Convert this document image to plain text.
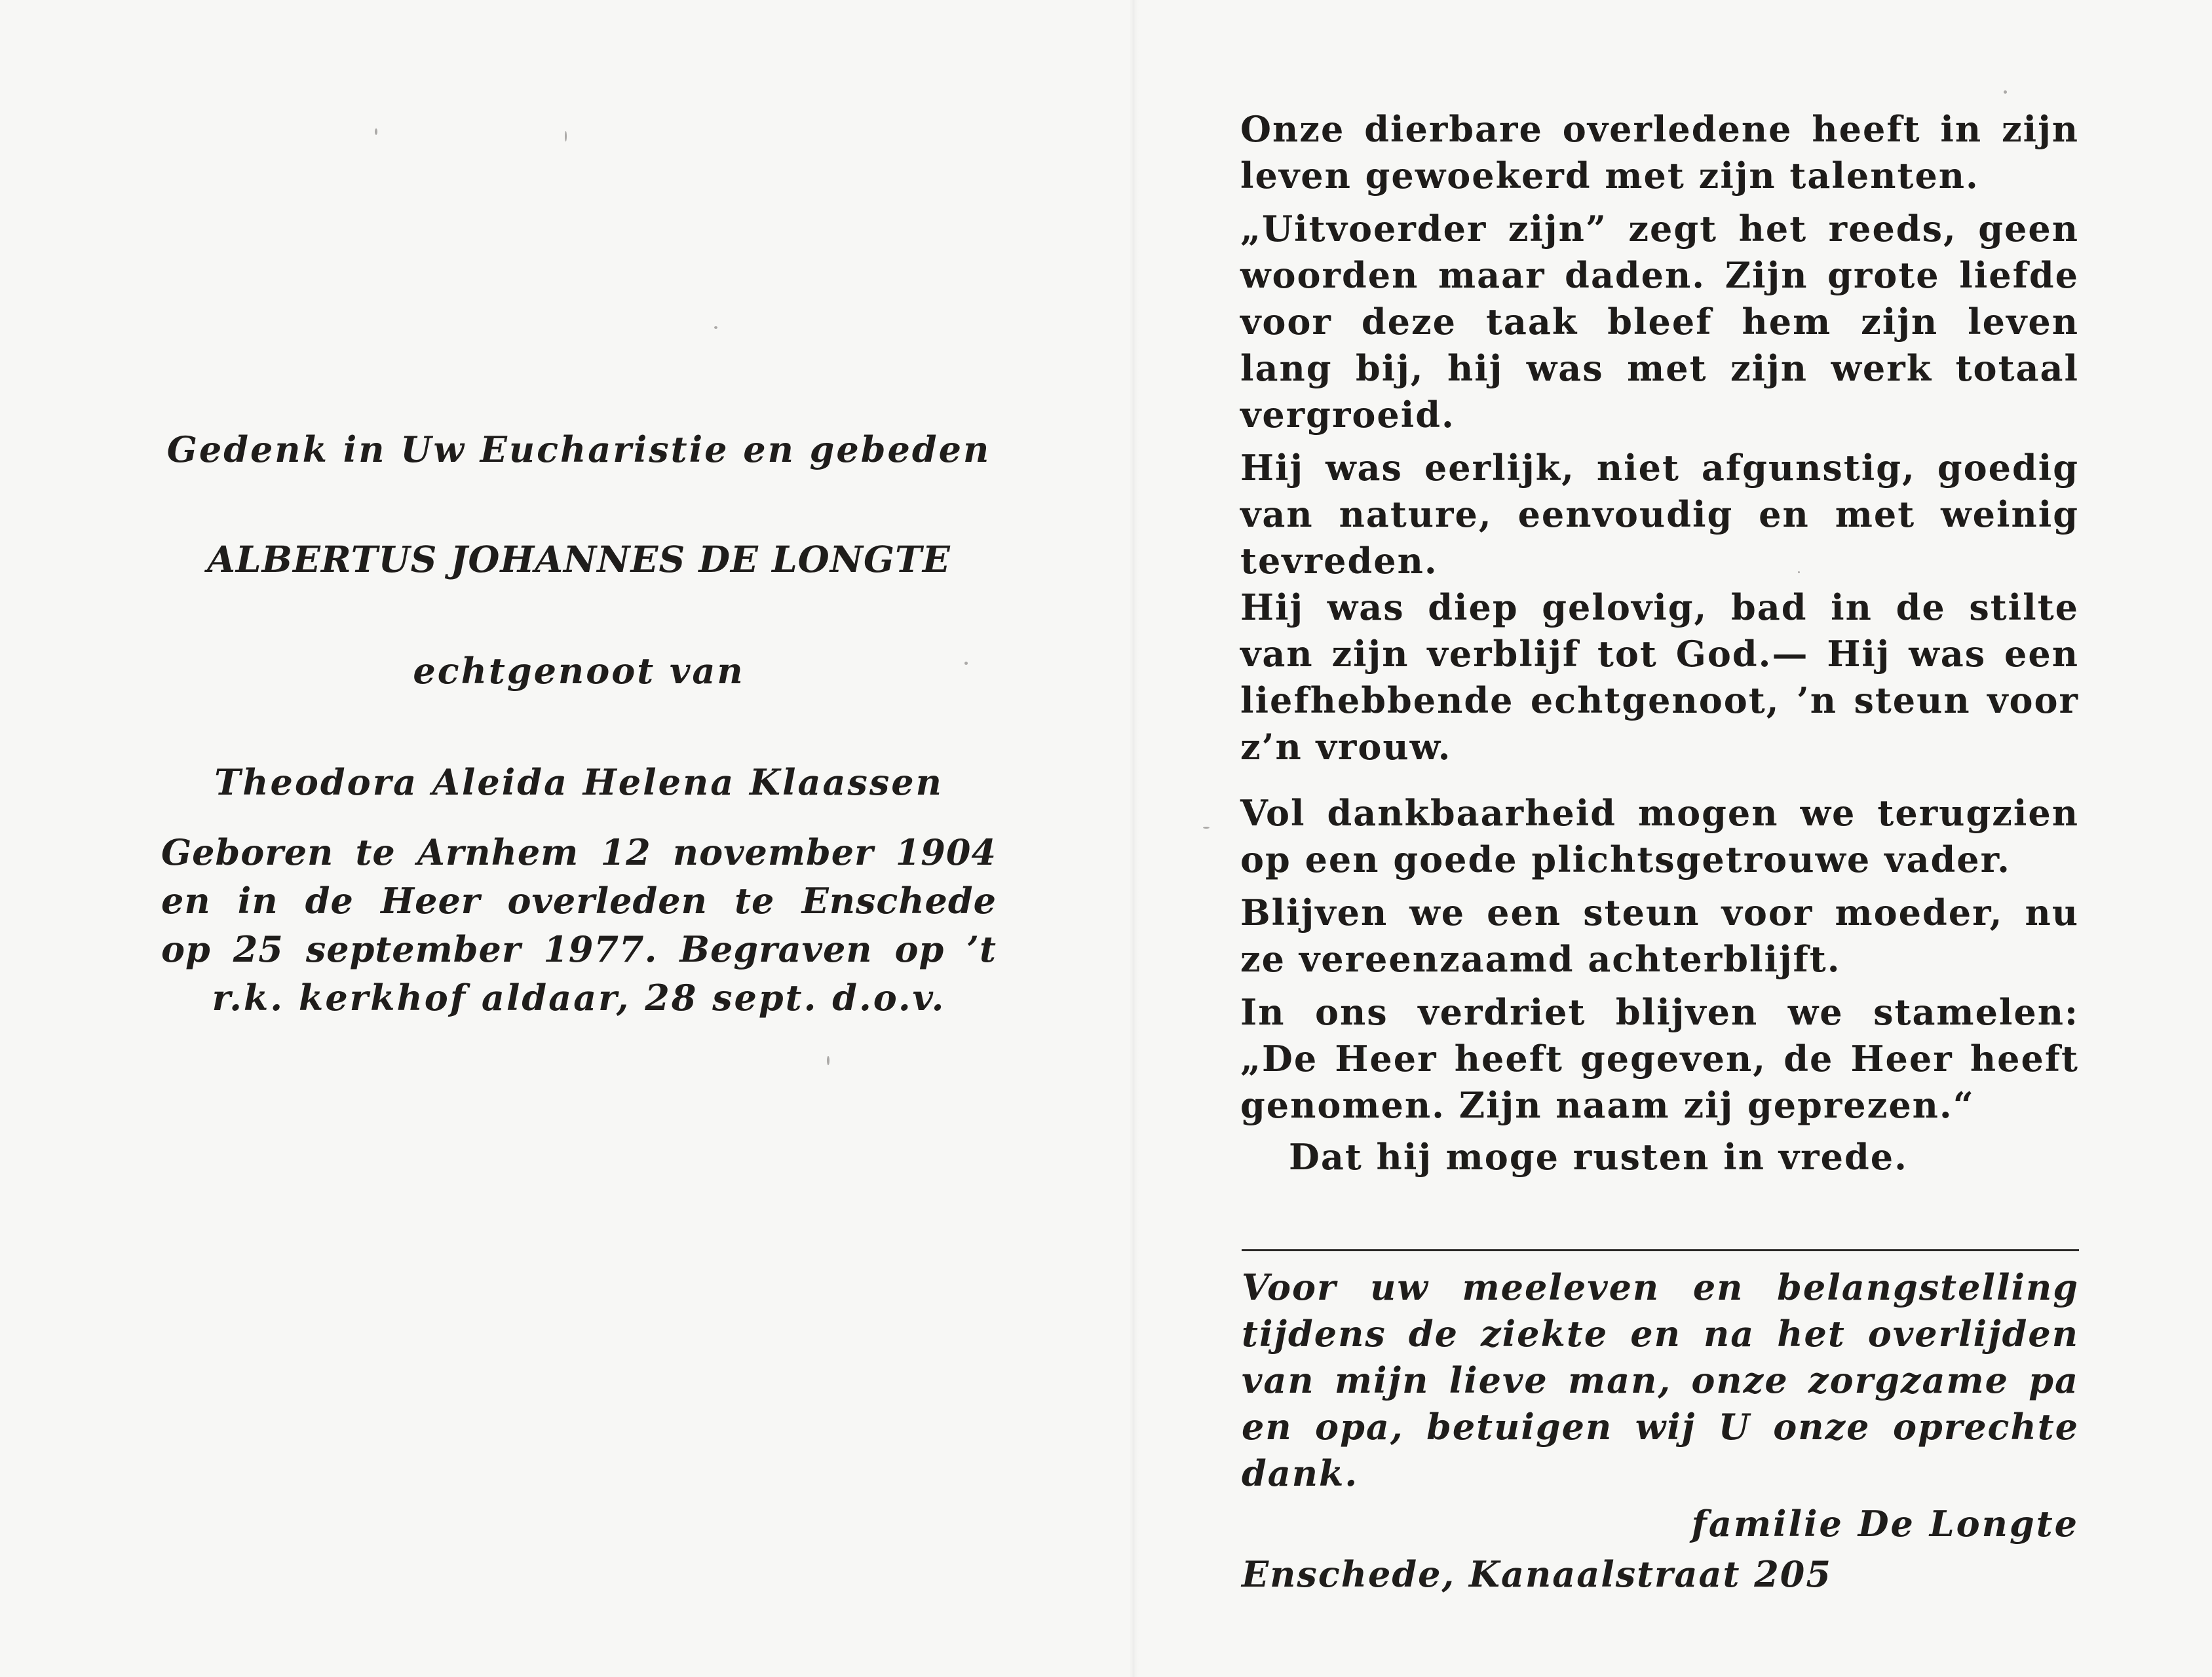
Gedenk in Uw Eucharistie en gebeden
ALBERTUS JOHANNES DE LONGTE
echtgenoot van
Theodora Aleida Helena Klaassen
Geboren te Arnhem 12 november 1904
en in de Heer overleden te Enschede
op 25 september 1977. Begraven op ’t
r.k. kerkhof aldaar, 28 sept. d.o.v.
Onze dierbare overledene heeft in zijn
leven gewoekerd met zijn talenten.
„Uitvoerder zijn” zegt het reeds, geen
woorden maar daden. Zijn grote liefde
voor deze taak bleef hem zijn leven
lang bij, hij was met zijn werk totaal
vergroeid.
Hij was eerlijk, niet afgunstig, goedig
van nature, eenvoudig en met weinig
tevreden.
Hij was diep gelovig, bad in de stilte
van zijn verblijf tot God.— Hij was een
liefhebbende echtgenoot, ’n steun voor
z’n vrouw.
Vol dankbaarheid mogen we terugzien
op een goede plichtsgetrouwe vader.
Blijven we een steun voor moeder, nu
ze vereenzaamd achterblijft.
In ons verdriet blijven we stamelen:
„De Heer heeft gegeven, de Heer heeft
genomen. Zijn naam zij geprezen.“
Dat hij moge rusten in vrede.
Voor uw meeleven en belangstelling
tijdens de ziekte en na het overlijden
van mijn lieve man, onze zorgzame pa
en opa, betuigen wij U onze oprechte
dank.
familie De Longte
Enschede, Kanaalstraat 205
